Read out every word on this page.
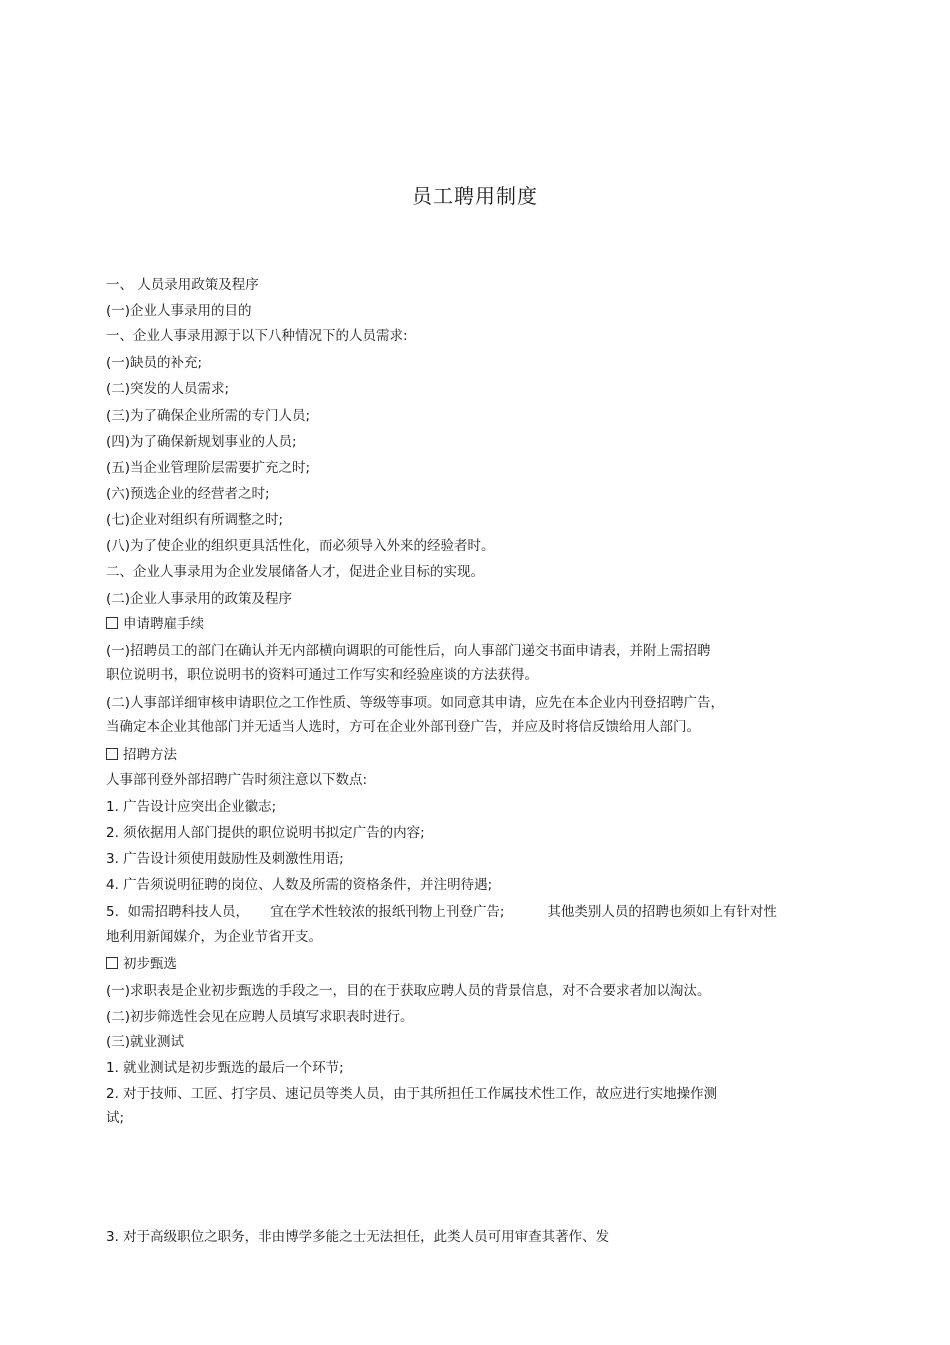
员工聘用制度
一、 人员录用政策及程序
(一)企业人事录用的目的
一、企业人事录用源于以下八种情况下的人员需求:
(一)缺员的补充;
(二)突发的人员需求;
(三)为了确保企业所需的专门人员;
(四)为了确保新规划事业的人员;
(五)当企业管理阶层需要扩充之时;
(六)预选企业的经营者之时;
(七)企业对组织有所调整之时;
(八)为了使企业的组织更具活性化，而必须导入外来的经验者时。
二、企业人事录用为企业发展储备人才，促进企业目标的实现。
(二)企业人事录用的政策及程序
申请聘雇手续
(一)招聘员工的部门在确认并无内部横向调职的可能性后，向人事部门递交书面申请表，并附上需招聘
职位说明书，职位说明书的资料可通过工作写实和经验座谈的方法获得。
(二)人事部详细审核申请职位之工作性质、等级等事项。如同意其申请，应先在本企业内刊登招聘广告，
当确定本企业其他部门并无适当人选时，方可在企业外部刊登广告，并应及时将信反馈给用人部门。
招聘方法
人事部刊登外部招聘广告时须注意以下数点:
1. 广告设计应突出企业徽志;
2. 须依据用人部门提供的职位说明书拟定广告的内容;
3. 广告设计须使用鼓励性及刺激性用语;
4. 广告须说明征聘的岗位、人数及所需的资格条件，并注明待遇;
5.  如需招聘科技人员，     宜在学术性较浓的报纸刊物上刊登广告;          其他类别人员的招聘也须如上有针对性
地利用新闻媒介，为企业节省开支。
初步甄选
(一)求职表是企业初步甄选的手段之一，目的在于获取应聘人员的背景信息，对不合要求者加以淘汰。
(二)初步筛选性会见在应聘人员填写求职表时进行。
(三)就业测试
1. 就业测试是初步甄选的最后一个环节;
2. 对于技师、工匠、打字员、速记员等类人员，由于其所担任工作属技术性工作，故应进行实地操作测
试;
3. 对于高级职位之职务，非由博学多能之士无法担任，此类人员可用审查其著作、发
